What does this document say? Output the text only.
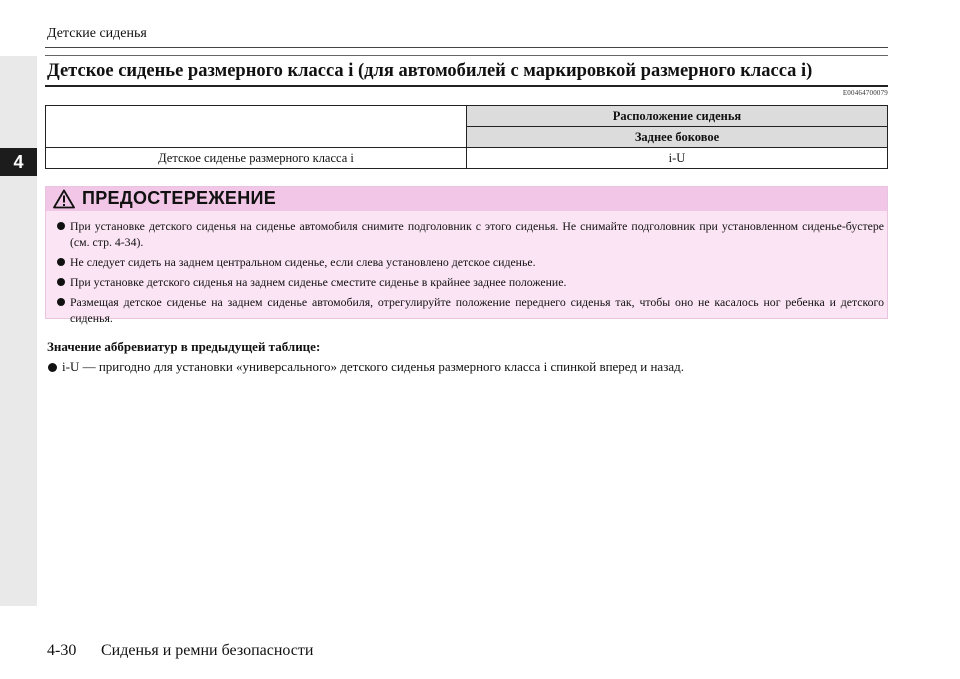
4
Детские сиденья
Детское сиденье размерного класса i (для автомобилей с маркировкой размерного класса i)
E00464700079
	Расположение сиденья
	Заднее боковое
Детское сиденье размерного класса i	i-U
ПРЕДОСТЕРЕЖЕНИЕ
При установке детского сиденья на сиденье автомобиля снимите подголовник с этого сиденья. Не снимайте подголовник при установленном сиденье-бустере (см. стр. 4-34).
Не следует сидеть на заднем центральном сиденье, если слева установлено детское сиденье.
При установке детского сиденья на заднем сиденье сместите сиденье в крайнее заднее положение.
Размещая детское сиденье на заднем сиденье автомобиля, отрегулируйте положение переднего сиденья так, чтобы оно не касалось ног ребенка и детского сиденья.
Значение аббревиатур в предыдущей таблице:
i-U — пригодно для установки «универсального» детского сиденья размерного класса i спинкой вперед и назад.
4-30 Сиденья и ремни безопасности
